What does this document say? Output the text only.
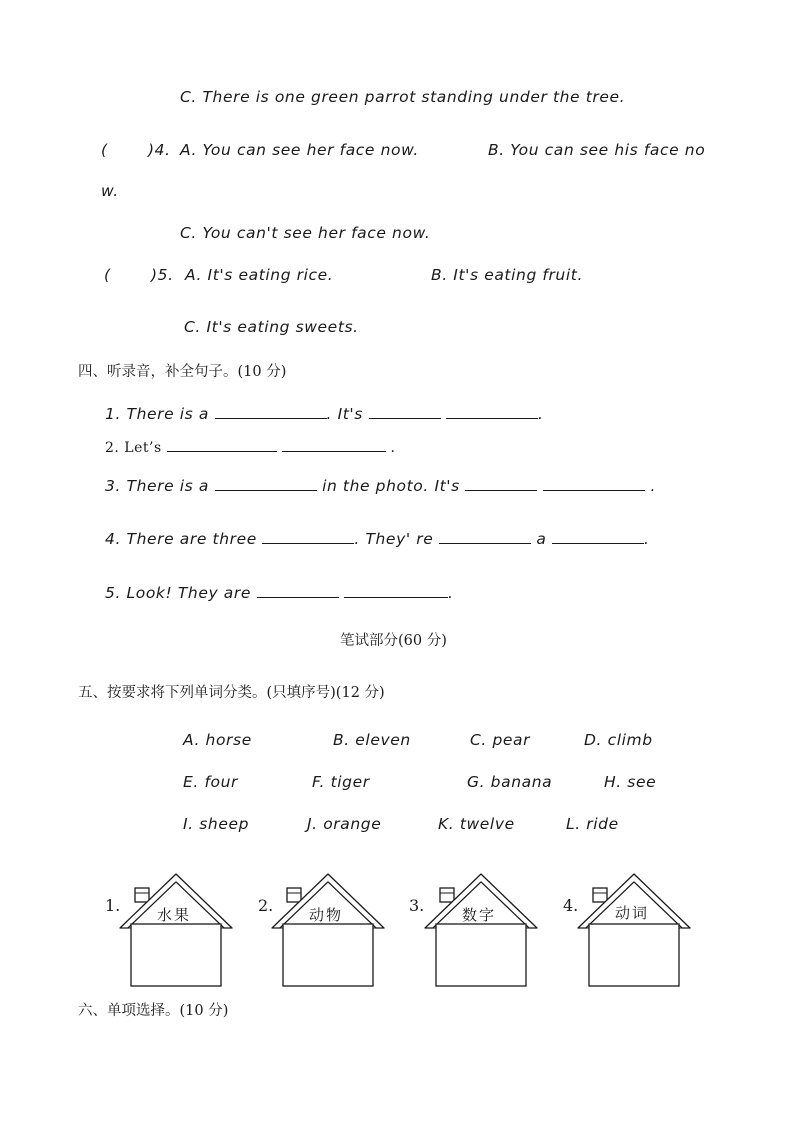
C. There is one green parrot standing under the tree.
(	)4. A. You can see her face now.	B. You can see his face no
w.
C. You can't see her face now.
(	)5. A. It's eating rice.	B. It's eating fruit.
C. It's eating sweets.
四、听录音，补全句子。(10 分)
1. There is a	. It's	.
2. Let’s	.
3. There is a	in the photo. It's	.
4. There are three	. They' re	a	.
5. Look! They are	.
笔试部分(60 分)
五、按要求将下列单词分类。(只填序号)(12 分)
A. horse	B. eleven	C. pear	D. climb
E. four	F. tiger	G. banana	H. see
I. sheep	J. orange	K. twelve	L. ride
1. 水果	2. 动物	3.	数字	4. 动词
六、单项选择。(10 分)
